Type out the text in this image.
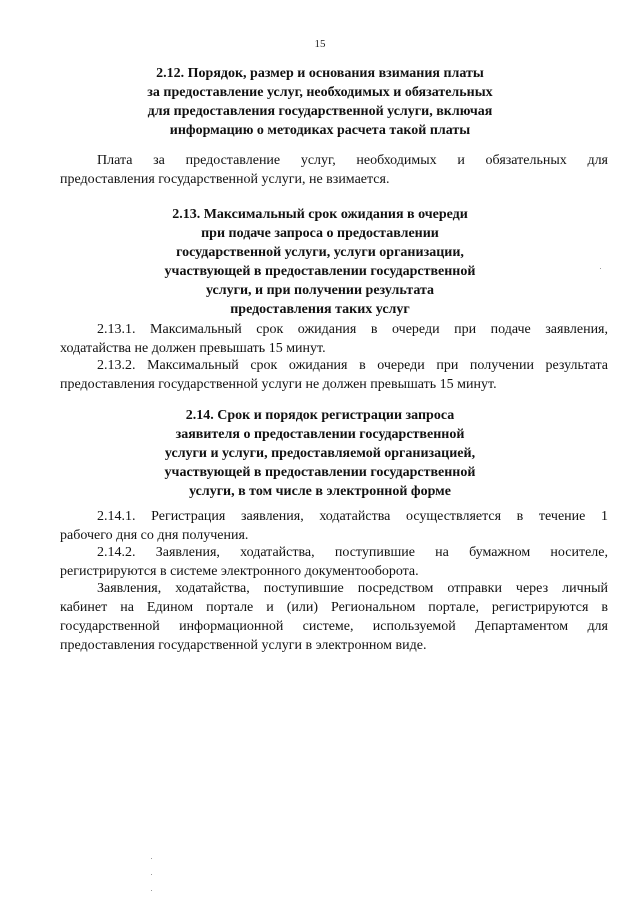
15
2.12. Порядок, размер и основания взимания платы
за предоставление услуг, необходимых и обязательных
для предоставления государственной услуги, включая
информацию о методиках расчета такой платы
Плата за предоставление услуг, необходимых и обязательных для
предоставления государственной услуги, не взимается.
2.13. Максимальный срок ожидания в очереди
при подаче запроса о предоставлении
государственной услуги, услуги организации,
участвующей в предоставлении государственной
услуги, и при получении результата
предоставления таких услуг
2.13.1. Максимальный срок ожидания в очереди при подаче заявления,
ходатайства не должен превышать 15 минут.
2.13.2. Максимальный срок ожидания в очереди при получении результата
предоставления государственной услуги не должен превышать 15 минут.
2.14. Срок и порядок регистрации запроса
заявителя о предоставлении государственной
услуги и услуги, предоставляемой организацией,
участвующей в предоставлении государственной
услуги, в том числе в электронной форме
2.14.1. Регистрация заявления, ходатайства осуществляется в течение 1
рабочего дня со дня получения.
2.14.2. Заявления, ходатайства, поступившие на бумажном носителе,
регистрируются в системе электронного документооборота.
Заявления, ходатайства, поступившие посредством отправки через личный
кабинет на Едином портале и (или) Региональном портале, регистрируются в
государственной информационной системе, используемой Департаментом для
предоставления государственной услуги в электронном виде.
